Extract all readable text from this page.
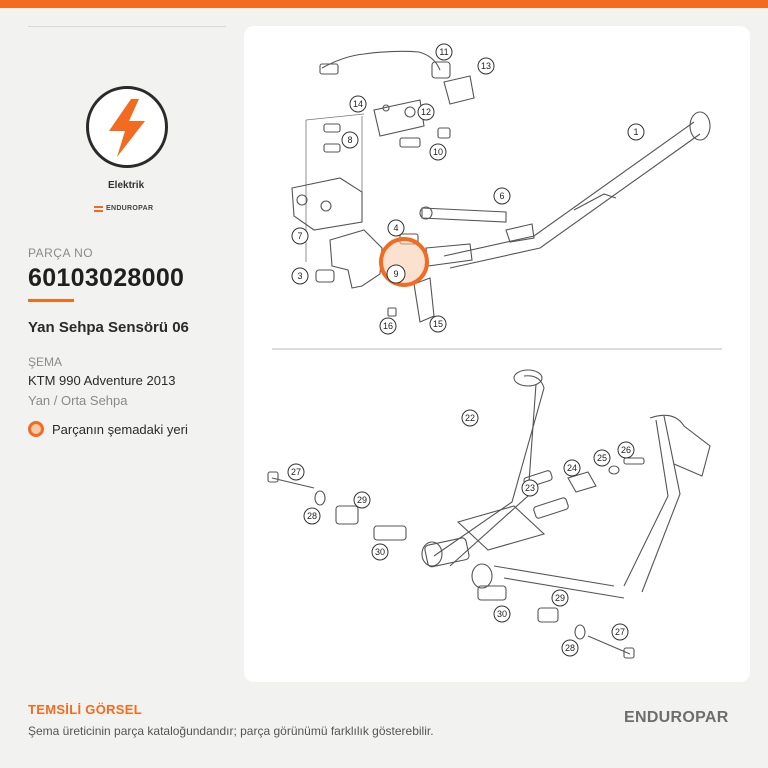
Elektrik
ENDUROPAR
PARÇA NO
60103028000
Yan Sehpa Sensörü 06
ŞEMA
KTM 990 Adventure 2013
Yan / Orta Sehpa
Parçanın şemadaki yeri
1
14
11
13
12
8
10
7
6
4
3	9
15
16
22
27
28
29
30
23
24
25
26
30
29
27
28
TEMSİLİ GÖRSEL
Şema üreticinin parça kataloğundandır; parça görünümü farklılık gösterebilir.
ENDUROPAR
